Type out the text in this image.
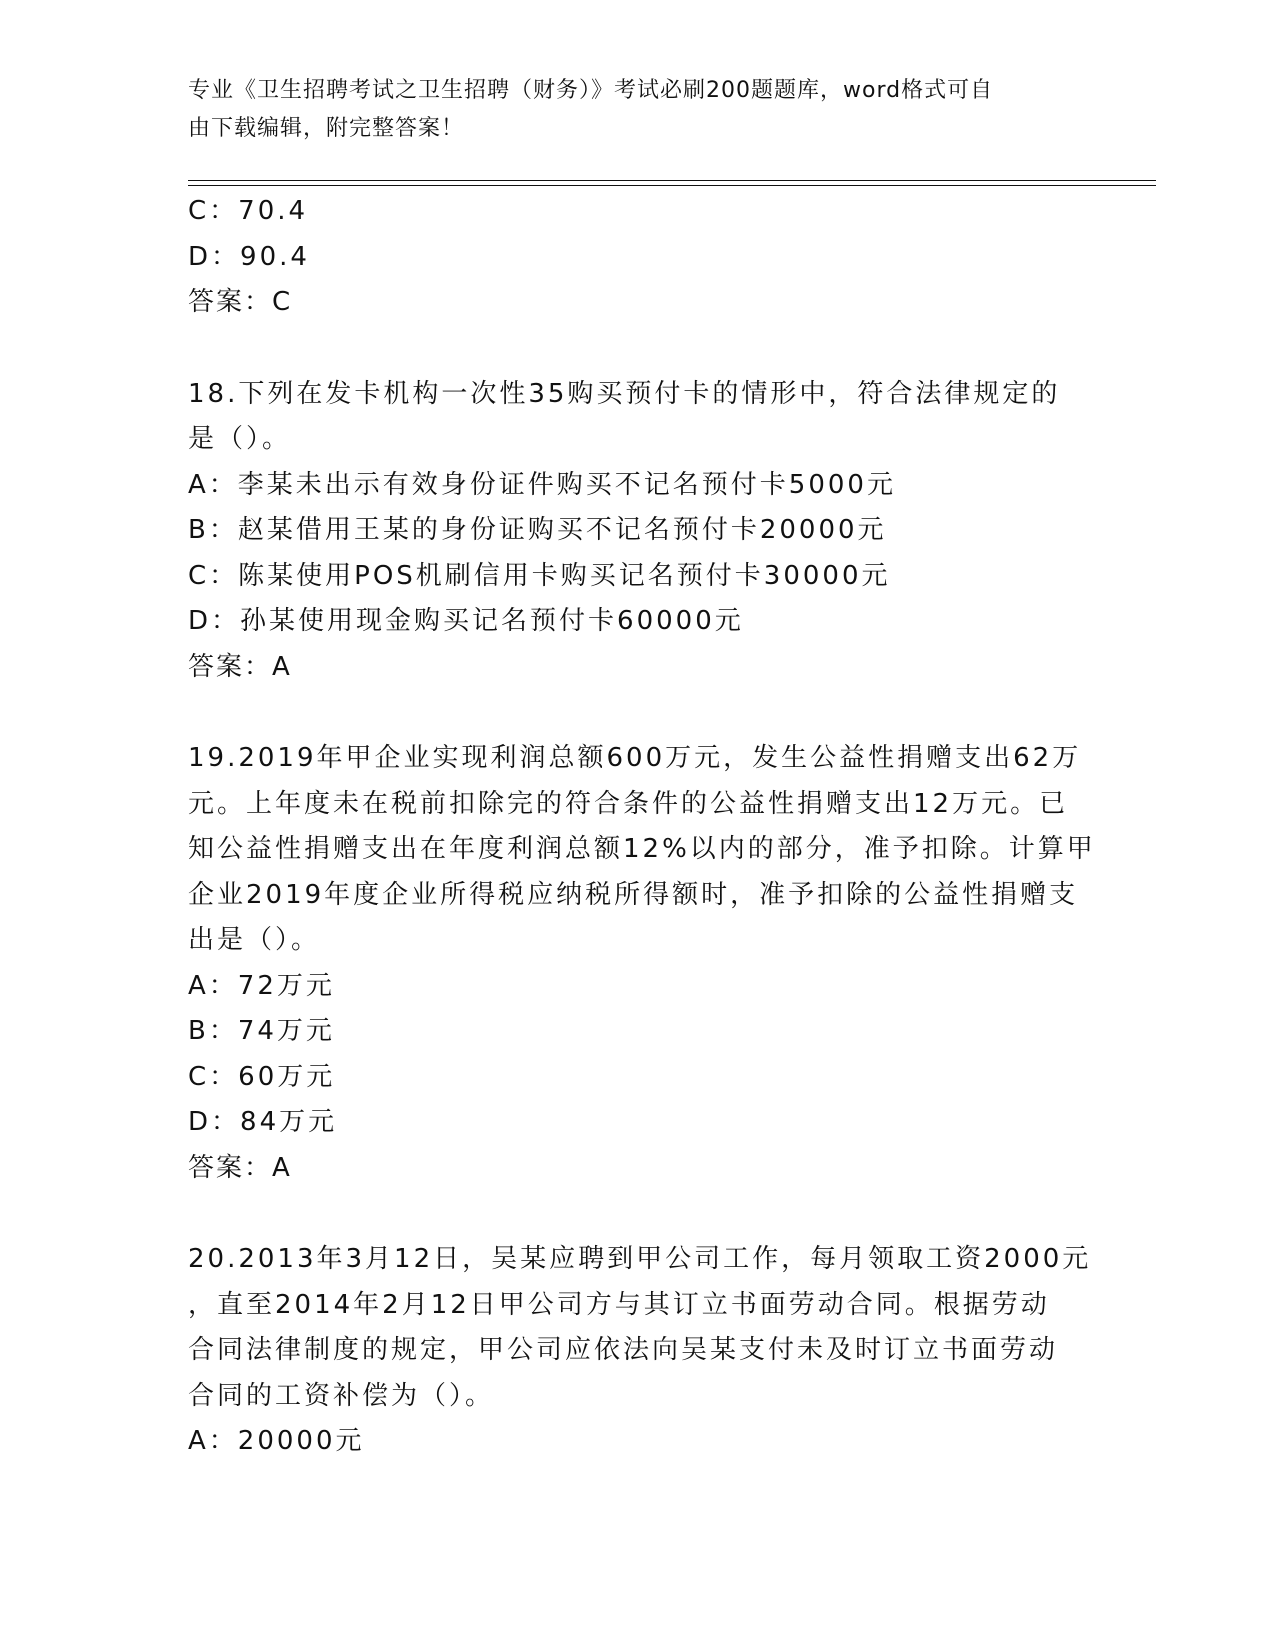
专业《卫生招聘考试之卫生招聘（财务）》考试必刷200题题库，word格式可自
由下载编辑，附完整答案！
C：70.4
D：90.4
答案：C
18.下列在发卡机构一次性35购买预付卡的情形中，符合法律规定的
是（）。
A：李某未出示有效身份证件购买不记名预付卡5000元
B：赵某借用王某的身份证购买不记名预付卡20000元
C：陈某使用POS机刷信用卡购买记名预付卡30000元
D：孙某使用现金购买记名预付卡60000元
答案：A
19.2019年甲企业实现利润总额600万元，发生公益性捐赠支出62万
元。上年度未在税前扣除完的符合条件的公益性捐赠支出12万元。已
知公益性捐赠支出在年度利润总额12%以内的部分，准予扣除。计算甲
企业2019年度企业所得税应纳税所得额时，准予扣除的公益性捐赠支
出是（）。
A：72万元
B：74万元
C：60万元
D：84万元
答案：A
20.2013年3月12日，吴某应聘到甲公司工作，每月领取工资2000元
，直至2014年2月12日甲公司方与其订立书面劳动合同。根据劳动
合同法律制度的规定，甲公司应依法向吴某支付未及时订立书面劳动
合同的工资补偿为（）。
A：20000元
